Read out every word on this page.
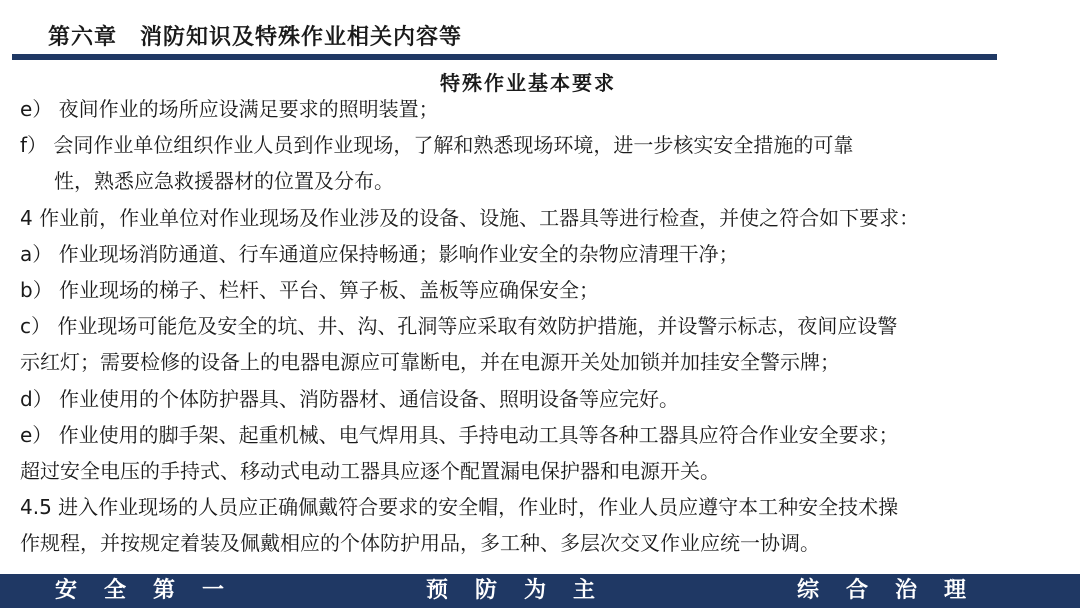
第六章　消防知识及特殊作业相关内容等
特殊作业基本要求
e） 夜间作业的场所应设满足要求的照明装置；
f） 会同作业单位组织作业人员到作业现场，了解和熟悉现场环境，进一步核实安全措施的可靠
性，熟悉应急救援器材的位置及分布。
4 作业前，作业单位对作业现场及作业涉及的设备、设施、工器具等进行检查，并使之符合如下要求：
a） 作业现场消防通道、行车通道应保持畅通；影响作业安全的杂物应清理干净；
b） 作业现场的梯子、栏杆、平台、箅子板、盖板等应确保安全；
c） 作业现场可能危及安全的坑、井、沟、孔洞等应采取有效防护措施，并设警示标志，夜间应设警
示红灯；需要检修的设备上的电器电源应可靠断电，并在电源开关处加锁并加挂安全警示牌；
d） 作业使用的个体防护器具、消防器材、通信设备、照明设备等应完好。
e） 作业使用的脚手架、起重机械、电气焊用具、手持电动工具等各种工器具应符合作业安全要求；
超过安全电压的手持式、移动式电动工器具应逐个配置漏电保护器和电源开关。
4.5 进入作业现场的人员应正确佩戴符合要求的安全帽，作业时，作业人员应遵守本工种安全技术操
作规程，并按规定着装及佩戴相应的个体防护用品，多工种、多层次交叉作业应统一协调。
安全第一	预防为主	综合治理
